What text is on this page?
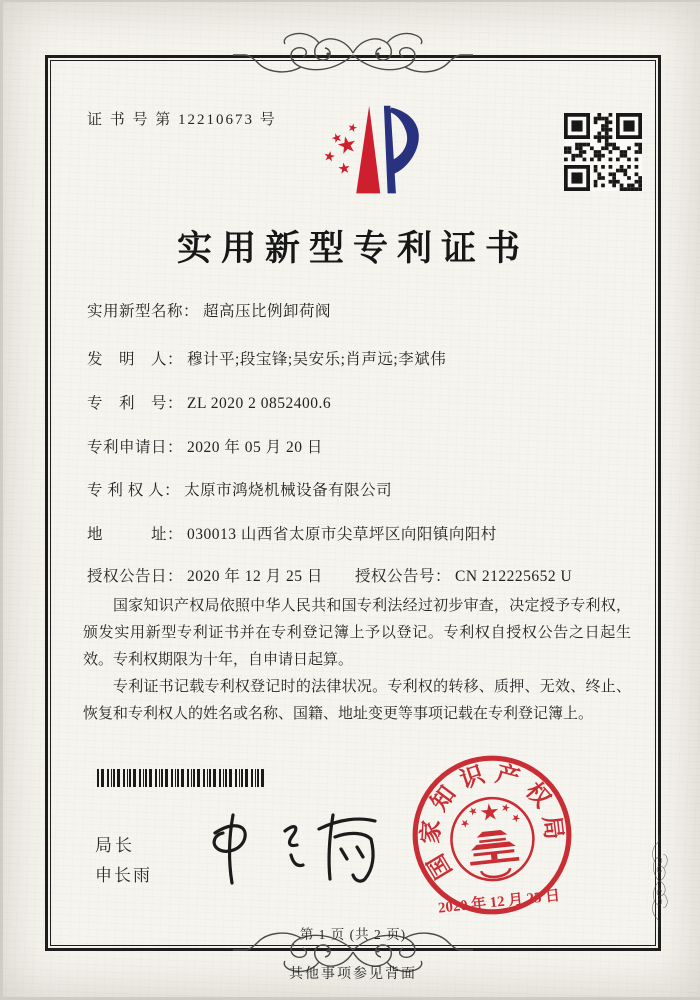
证 书 号 第 12210673 号
实用新型专利证书
实用新型名称： 超高压比例卸荷阀
发　明　人： 穆计平;段宝锋;吴安乐;肖声远;李斌伟
专　利　号： ZL 2020 2 0852400.6
专利申请日： 2020 年 05 月 20 日
专 利 权 人： 太原市鸿烧机械设备有限公司
地　　　址： 030013 山西省太原市尖草坪区向阳镇向阳村
授权公告日： 2020 年 12 月 25 日 授权公告号： CN 212225652 U

国家知识产权局依照中华人民共和国专利法经过初步审查，决定授予专利权，颁发实用新型专利证书并在专利登记簿上予以登记。专利权自授权公告之日起生效。专利权期限为十年，自申请日起算。

专利证书记载专利权登记时的法律状况。专利权的转移、质押、无效、终止、恢复和专利权人的姓名或名称、国籍、地址变更等事项记载在专利登记簿上。

局长
申长雨	国
家
知
识 产
权
局
2020 年 12 月 25 日
第 1 页 (共 2 页)
其他事项参见背面
